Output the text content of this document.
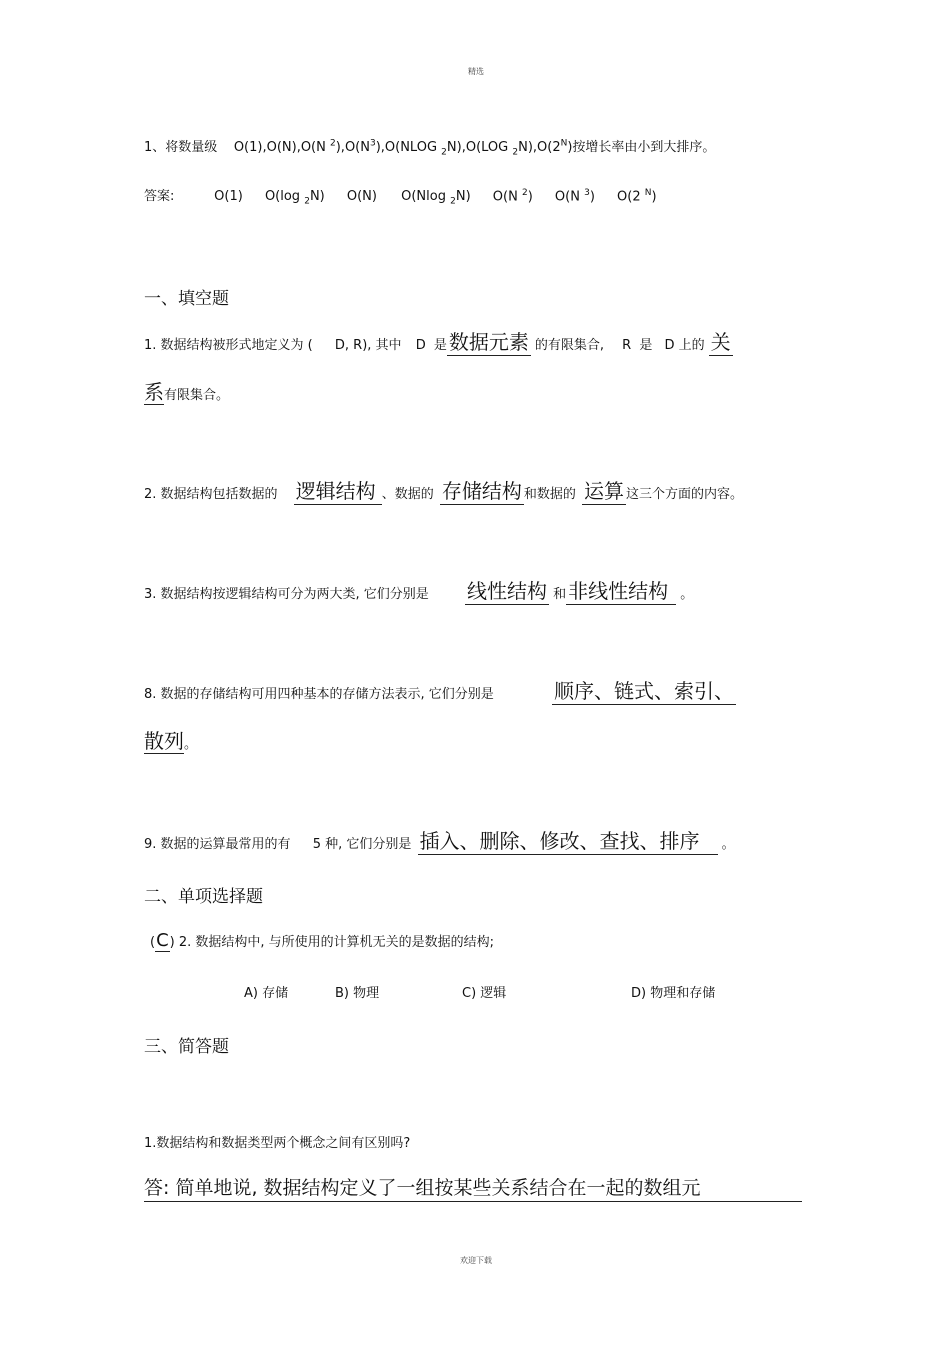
精选
欢迎下载
1、将数量级 O(1),O(N),O(N $^2),O(N^3),O(NLOG$ $_2$N),O(LOG $_2N),O(2^N)$按增长率由小到大排序。
答案:	O(1) O(log $_2$N) O(N) O(Nlog $_2$N) O(N $^2$) O(N $^3$) O(2 $^N$)
一、填空题
1. 数据结构被形式地定义为 ( D, R), 其中 D 是 数据元素 的有限集合, R 是 D 上的 关
系有限集合。
2. 数据结构包括数据的 逻辑结构 、数据的 存储结构 和数据的 运算 这三个方面的内容。
3. 数据结构按逻辑结构可分为两大类, 它们分别是 线性结构 和 非线性结构 。
8. 数据的存储结构可用四种基本的存储方法表示, 它们分别是	顺序、链式、索引、
散列。
9. 数据的运算最常用的有 5 种, 它们分别是 插入、删除、修改、查找、排序 。
二、单项选择题
(C) 2. 数据结构中, 与所使用的计算机无关的是数据的结构;
A) 存储	B) 物理	C) 逻辑	D) 物理和存储
三、简答题
1.数据结构和数据类型两个概念之间有区别吗?
答: 简单地说, 数据结构定义了一组按某些关系结合在一起的数组元
